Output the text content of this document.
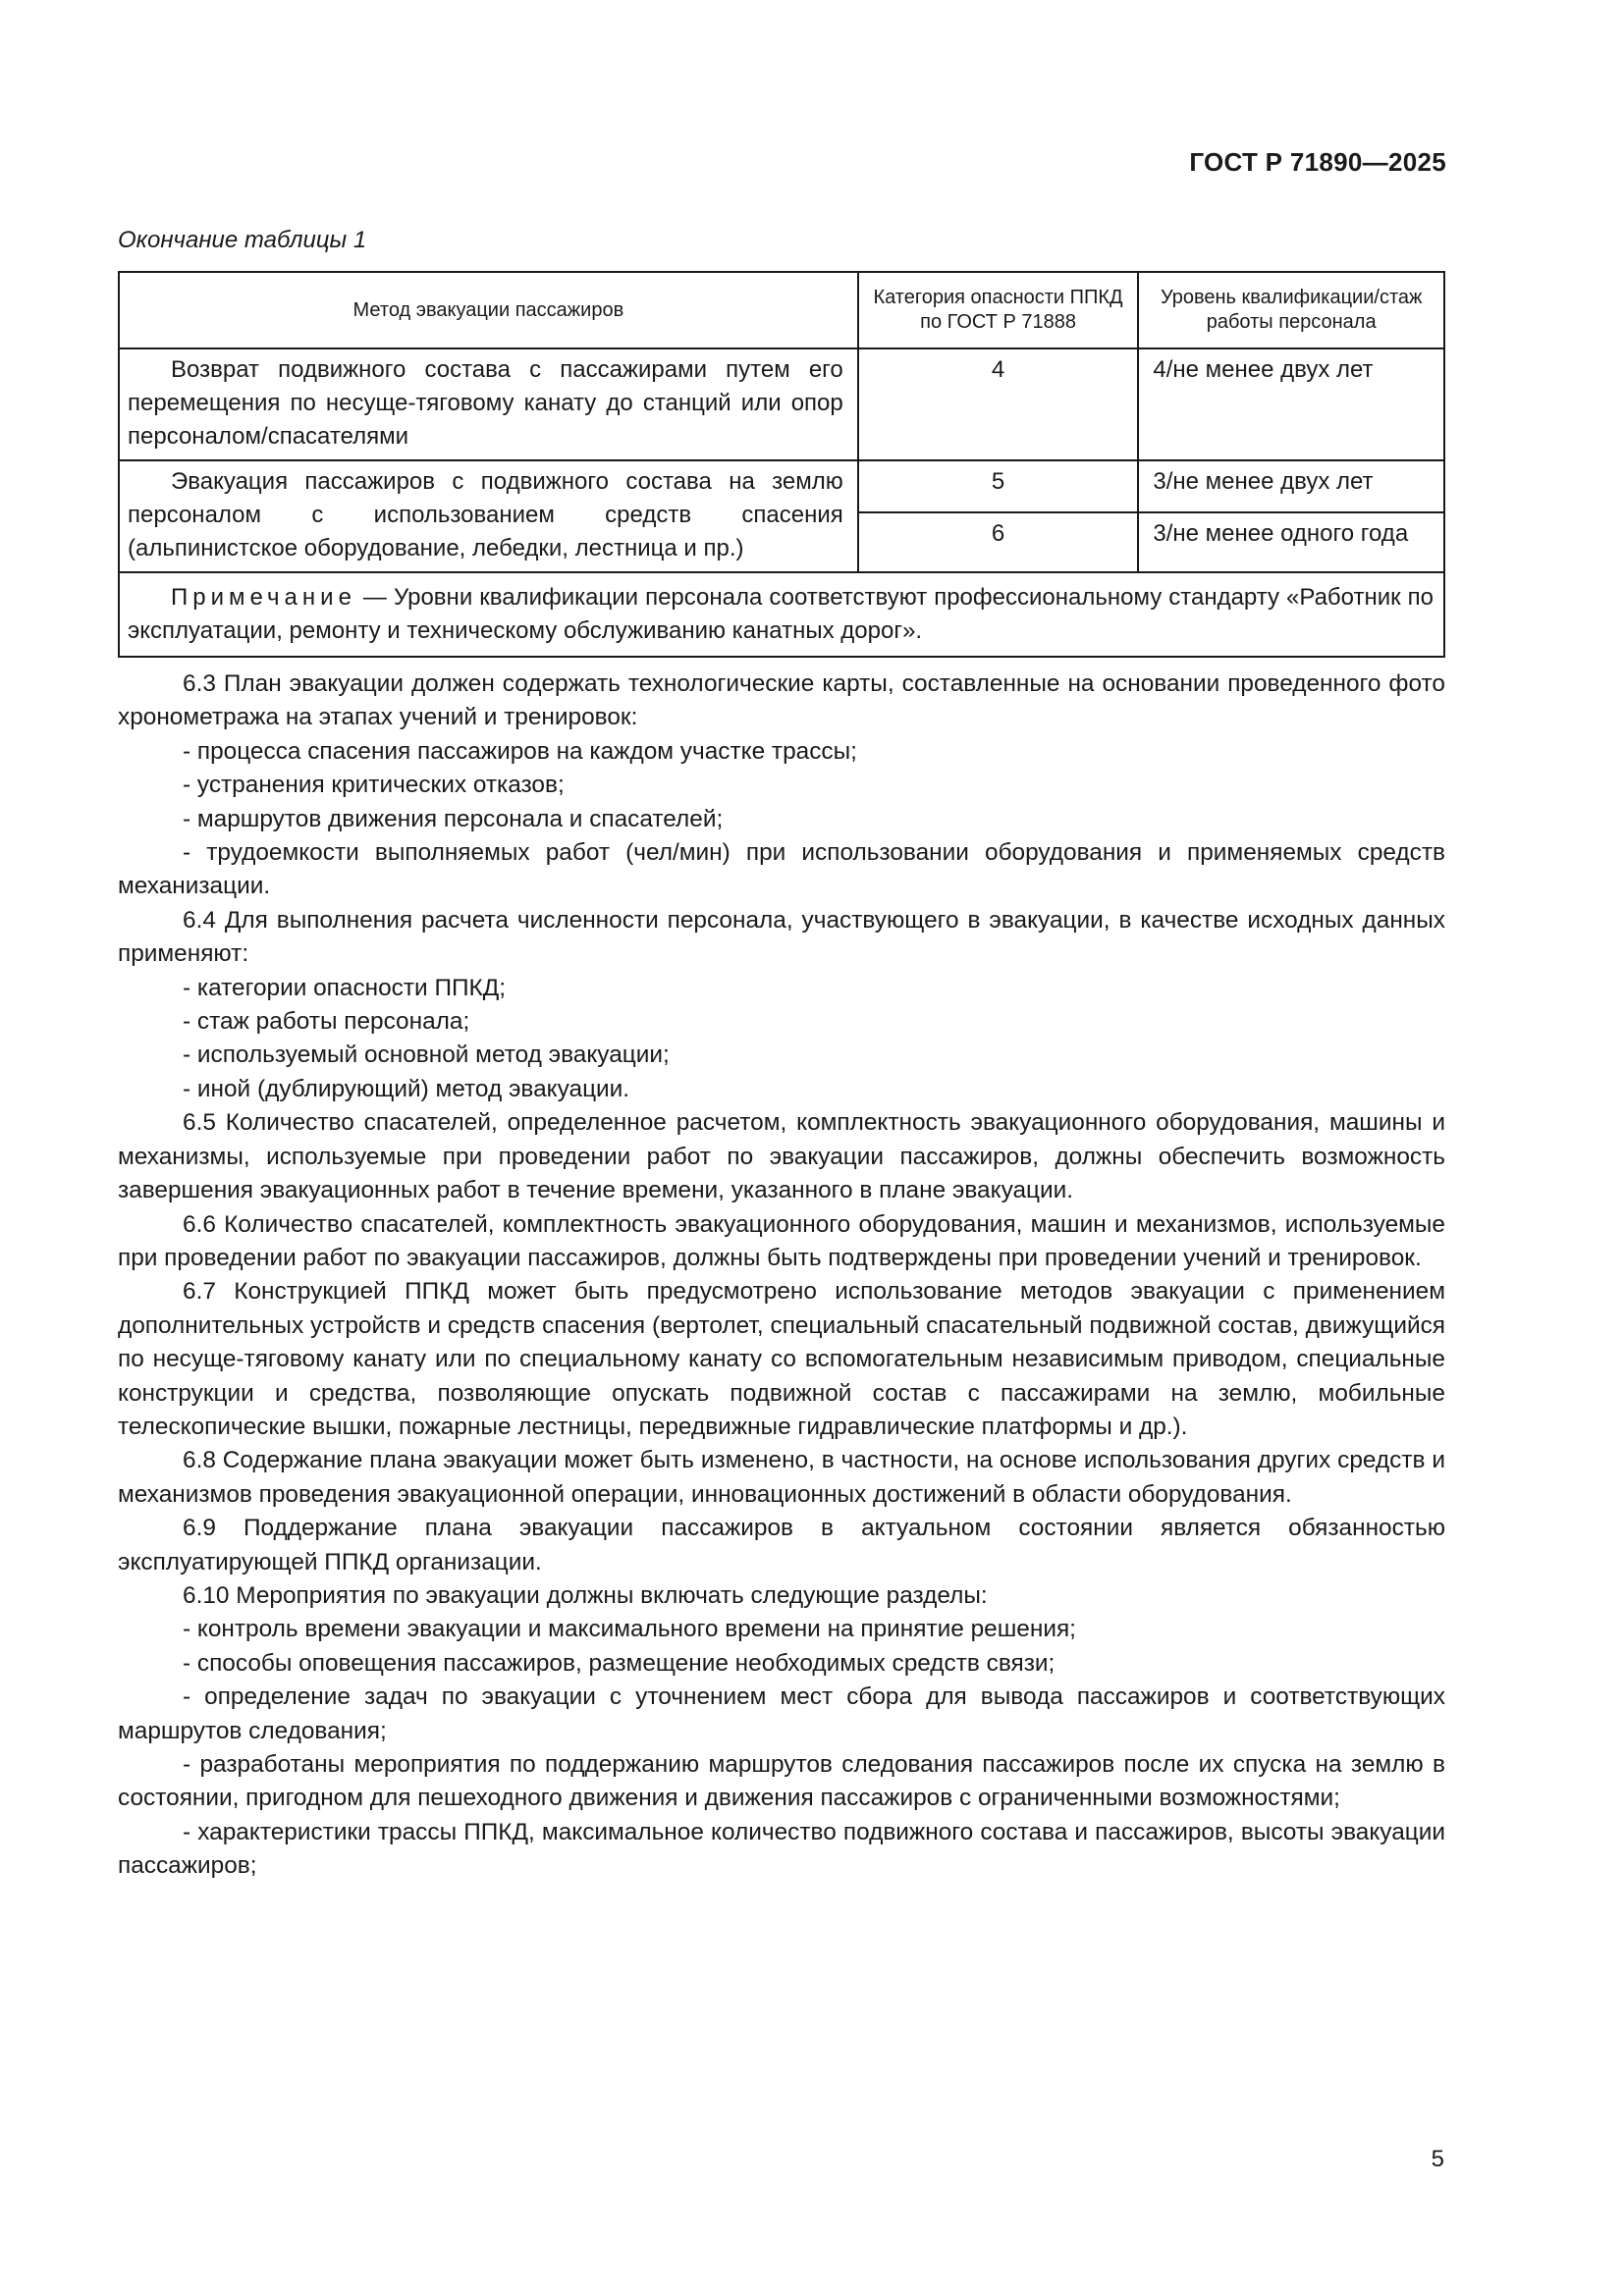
ГОСТ Р 71890—2025
Окончание таблицы 1
Метод эвакуации пассажиров	Категория опасности ППКД по ГОСТ Р 71888	Уровень квалификации/стаж работы персонала
Возврат подвижного состава с пассажирами путем его перемещения по несуще-тяговому канату до станций или опор персоналом/спасателями	4	4/не менее двух лет
Эвакуация пассажиров с подвижного состава на землю персоналом с использованием средств спасения (альпинистское оборудование, лебедки, лестница и пр.)	5	3/не менее двух лет
	6	3/не менее одного года
Примечание — Уровни квалификации персонала соответствуют профессиональному стандарту «Работник по эксплуатации, ремонту и техническому обслуживанию канатных дорог».		

6.3 План эвакуации должен содержать технологические карты, составленные на основании проведенного фото хронометража на этапах учений и тренировок:

- процесса спасения пассажиров на каждом участке трассы;

- устранения критических отказов;

- маршрутов движения персонала и спасателей;

- трудоемкости выполняемых работ (чел/мин) при использовании оборудования и применяемых средств механизации.

6.4 Для выполнения расчета численности персонала, участвующего в эвакуации, в качестве исходных данных применяют:

- категории опасности ППКД;

- стаж работы персонала;

- используемый основной метод эвакуации;

- иной (дублирующий) метод эвакуации.

6.5 Количество спасателей, определенное расчетом, комплектность эвакуационного оборудования, машины и механизмы, используемые при проведении работ по эвакуации пассажиров, должны обеспечить возможность завершения эвакуационных работ в течение времени, указанного в плане эвакуации.

6.6 Количество спасателей, комплектность эвакуационного оборудования, машин и механизмов, используемые при проведении работ по эвакуации пассажиров, должны быть подтверждены при проведении учений и тренировок.

6.7 Конструкцией ППКД может быть предусмотрено использование методов эвакуации с применением дополнительных устройств и средств спасения (вертолет, специальный спасательный подвижной состав, движущийся по несуще-тяговому канату или по специальному канату со вспомогательным независимым приводом, специальные конструкции и средства, позволяющие опускать подвижной состав с пассажирами на землю, мобильные телескопические вышки, пожарные лестницы, передвижные гидравлические платформы и др.).

6.8 Содержание плана эвакуации может быть изменено, в частности, на основе использования других средств и механизмов проведения эвакуационной операции, инновационных достижений в области оборудования.

6.9 Поддержание плана эвакуации пассажиров в актуальном состоянии является обязанностью эксплуатирующей ППКД организации.

6.10 Мероприятия по эвакуации должны включать следующие разделы:

- контроль времени эвакуации и максимального времени на принятие решения;

- способы оповещения пассажиров, размещение необходимых средств связи;

- определение задач по эвакуации с уточнением мест сбора для вывода пассажиров и соответствующих маршрутов следования;

- разработаны мероприятия по поддержанию маршрутов следования пассажиров после их спуска на землю в состоянии, пригодном для пешеходного движения и движения пассажиров с ограниченными возможностями;

- характеристики трассы ППКД, максимальное количество подвижного состава и пассажиров, высоты эвакуации пассажиров;

5
